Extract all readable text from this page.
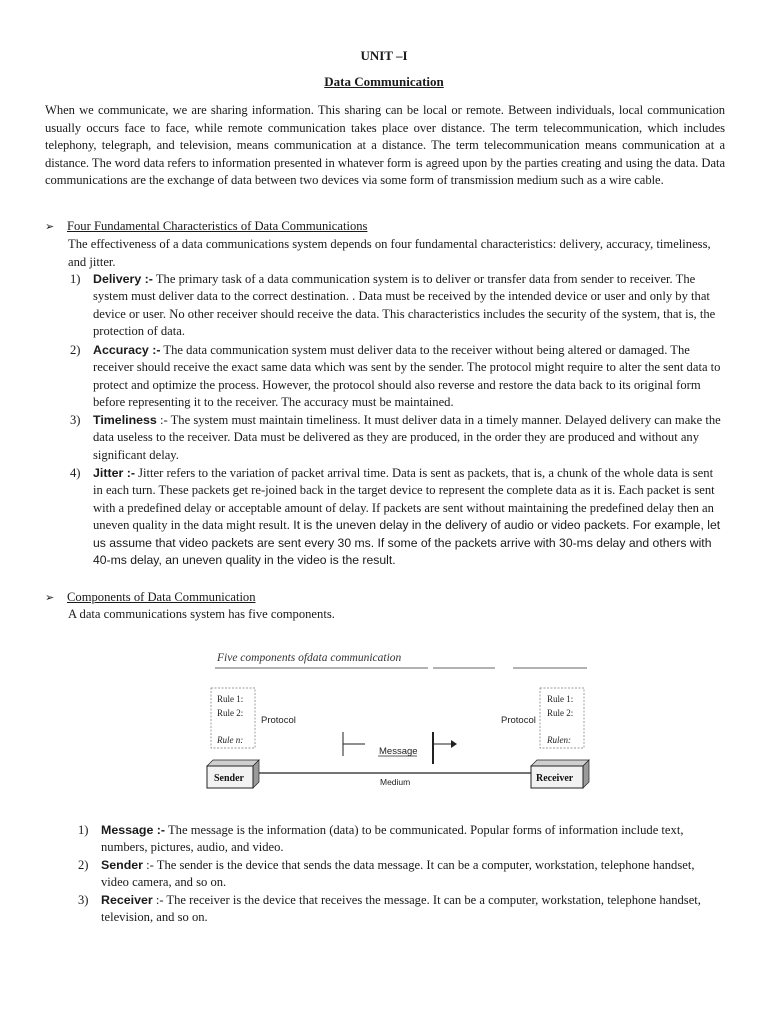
UNIT –I
Data Communication
When we communicate, we are sharing information. This sharing can be local or remote. Between individuals, local communication usually occurs face to face, while remote communication takes place over distance. The term telecommunication, which includes telephony, telegraph, and television, means communication at a distance. The term telecommunication means communication at a distance. The word data refers to information presented in whatever form is agreed upon by the parties creating and using the data. Data communications are the exchange of data between two devices via some form of transmission medium such as a wire cable.
➢ Four Fundamental Characteristics of Data Communications
The effectiveness of a data communications system depends on four fundamental characteristics: delivery, accuracy, timeliness, and jitter.
1) Delivery :- The primary task of a data communication system is to deliver or transfer data from sender to receiver. The system must deliver data to the correct destination. . Data must be received by the intended device or user and only by that device or user. No other receiver should receive the data. This characteristics includes the security of the system, that is, the protection of data.
2) Accuracy :- The data communication system must deliver data to the receiver without being altered or damaged. The receiver should receive the exact same data which was sent by the sender. The protocol might require to alter the sent data to protect and optimize the process. However, the protocol should also reverse and restore the data back to its original form before representing it to the receiver. The accuracy must be maintained.
3) Timeliness :- The system must maintain timeliness. It must deliver data in a timely manner. Delayed delivery can make the data useless to the receiver. Data must be delivered as they are produced, in the order they are produced and without any significant delay.
4) Jitter :- Jitter refers to the variation of packet arrival time. Data is sent as packets, that is, a chunk of the whole data is sent in each turn. These packets get re-joined back in the target device to represent the complete data as it is. Each packet is sent with a predefined delay or acceptable amount of delay. If packets are sent without maintaining the predefined delay then an uneven quality in the data might result. It is the uneven delay in the delivery of audio or video packets. For example, let us assume that video packets are sent every 30 ms. If some of the packets arrive with 30-ms delay and others with 40-ms delay, an uneven quality in the video is the result.
➢ Components of Data Communication
A data communications system has five components.
Five components ofdata communication
Rule 1:
Rule 2:
Rule n:
Protocol
Rule 1:
Rule 2:
Rulen:
Protocol
Message
Medium
Sender	Receiver
1) Message :- The message is the information (data) to be communicated. Popular forms of information include text, numbers, pictures, audio, and video.
2) Sender :- The sender is the device that sends the data message. It can be a computer, workstation, telephone handset, video camera, and so on.
3) Receiver :- The receiver is the device that receives the message. It can be a computer, workstation, telephone handset, television, and so on.
